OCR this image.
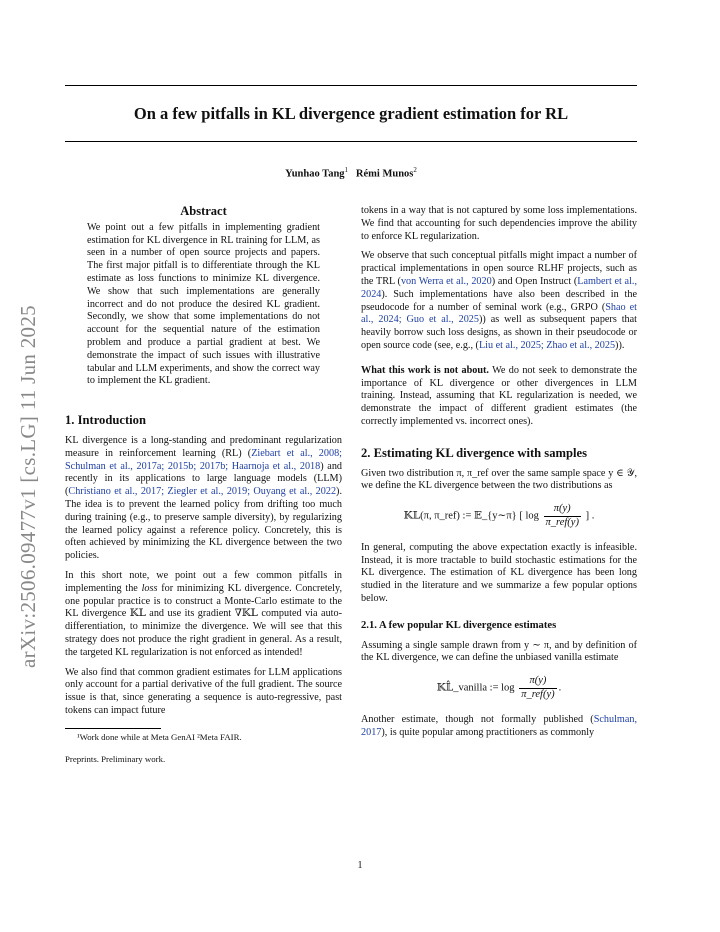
On a few pitfalls in KL divergence gradient estimation for RL
Yunhao Tang$^1$ Rémi Munos$^2$
arXiv:2506.09477v1 [cs.LG] 11 Jun 2025
Abstract
We point out a few pitfalls in implementing gradient estimation for KL divergence in RL training for LLM, as seen in a number of open source projects and papers. The first major pitfall is to differentiate through the KL estimate as loss functions to minimize KL divergence. We show that such implementations are generally incorrect and do not produce the desired KL gradient. Secondly, we show that some implementations do not account for the sequential nature of the estimation problem and produce a partial gradient at best. We demonstrate the impact of such issues with illustrative tabular and LLM experiments, and show the correct way to implement the KL gradient.
1. Introduction

KL divergence is a long-standing and predominant regularization measure in reinforcement learning (RL) (Ziebart et al., 2008; Schulman et al., 2017a; 2015b; 2017b; Haarnoja et al., 2018) and recently in its applications to large language models (LLM) (Christiano et al., 2017; Ziegler et al., 2019; Ouyang et al., 2022). The idea is to prevent the learned policy from drifting too much during training (e.g., to preserve sample diversity), by regularizing the learned policy against a reference policy. Concretely, this is often achieved by minimizing the KL divergence between the two policies.

In this short note, we point out a few common pitfalls in implementing the loss for minimizing KL divergence. Concretely, one popular practice is to construct a Monte-Carlo estimate to the KL divergence 𝕂𝕃 and use its gradient ∇𝕂𝕃 computed via auto-differentiation, to minimize the divergence. We will see that this strategy does not produce the right gradient in general. As a result, the targeted KL regularization is not enforced as intended!

We also find that common gradient estimates for LLM applications only account for a partial derivative of the full gradient. The source issue is that, since generating a sequence is auto-regressive, past tokens can impact future

¹Work done while at Meta GenAI ²Meta FAIR.
Preprints. Preliminary work.

tokens in a way that is not captured by some loss implementations. We find that accounting for such dependencies improve the ability to enforce KL regularization.

We observe that such conceptual pitfalls might impact a number of practical implementations in open source RLHF projects, such as the TRL (von Werra et al., 2020) and Open Instruct (Lambert et al., 2024). Such implementations have also been described in the pseudocode for a number of seminal work (e.g., GRPO (Shao et al., 2024; Guo et al., 2025)) as well as subsequent papers that heavily borrow such loss designs, as shown in their pseudocode or open source code (see, e.g., (Liu et al., 2025; Zhao et al., 2025)).

What this work is not about. We do not seek to demonstrate the importance of KL divergence or other divergences in LLM training. Instead, assuming that KL regularization is needed, we demonstrate the impact of different gradient estimates (the correctly implemented vs. incorrect ones).

2. Estimating KL divergence with samples

Given two distribution π, π_ref over the same sample space y ∈ 𝒴, we define the KL divergence between the two distributions as

𝕂𝕃(π, π_ref) := 𝔼_{y∼π} [ $\log \frac{\pi(y)}{\text{π\_ref(y)}}$ ] .

In general, computing the above expectation exactly is infeasible. Instead, it is more tractable to build stochastic estimations for the KL divergence. The estimation of KL divergence has been long studied in the literature and we summarize a few popular options below.

2.1. A few popular KL divergence estimates

Assuming a single sample drawn from y ∼ π, and by definition of the KL divergence, we can define the unbiased vanilla estimate

𝕂𝕃̂_vanilla := $\log \frac{\pi(y)}{\text{π\_ref(y)}}$ .

Another estimate, though not formally published (Schulman, 2017), is quite popular among practitioners as commonly

1
